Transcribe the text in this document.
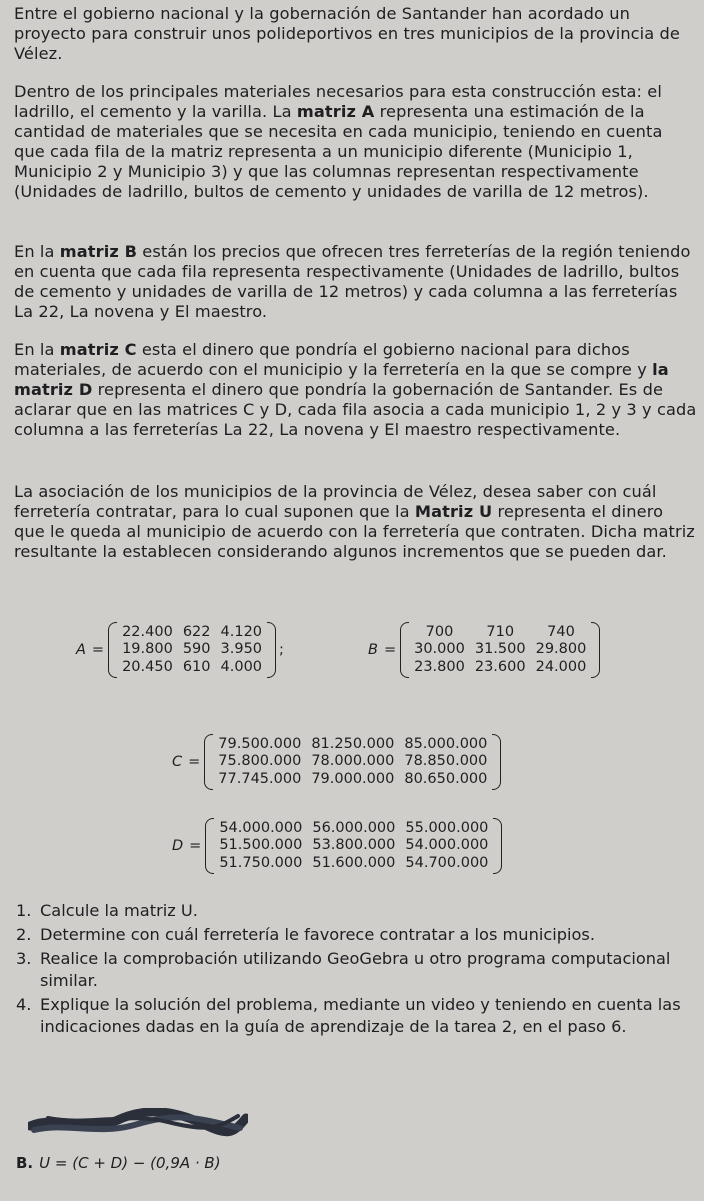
Entre el gobierno nacional y la gobernación de Santander han acordado un proyecto para construir unos polideportivos en tres municipios de la provincia de Vélez.
Dentro de los principales materiales necesarios para esta construcción esta: el ladrillo, el cemento y la varilla. La matriz A representa una estimación de la cantidad de materiales que se necesita en cada municipio, teniendo en cuenta que cada fila de la matriz representa a un municipio diferente (Municipio 1, Municipio 2 y Municipio 3) y que las columnas representan respectivamente (Unidades de ladrillo, bultos de cemento y unidades de varilla de 12 metros).
En la matriz B están los precios que ofrecen tres ferreterías de la región teniendo en cuenta que cada fila representa respectivamente (Unidades de ladrillo, bultos de cemento y unidades de varilla de 12 metros) y cada columna a las ferreterías La 22, La novena y El maestro.
En la matriz C esta el dinero que pondría el gobierno nacional para dichos materiales, de acuerdo con el municipio y la ferretería en la que se compre y la matriz D representa el dinero que pondría la gobernación de Santander. Es de aclarar que en las matrices C y D, cada fila asocia a cada municipio 1, 2 y 3 y cada columna a las ferreterías La 22, La novena y El maestro respectivamente.
La asociación de los municipios de la provincia de Vélez, desea saber con cuál ferretería contratar, para lo cual suponen que la Matriz U representa el dinero que le queda al municipio de acuerdo con la ferretería que contraten. Dicha matriz resultante la establecen considerando algunos incrementos que se pueden dar.
A =
22.400	622	4.120
19.800	590	3.950
20.450	610	4.000
;	B =
700	710	740
30.000	31.500	29.800
23.800	23.600	24.000
C =
79.500.000	81.250.000	85.000.000
75.800.000	78.000.000	78.850.000
77.745.000	79.000.000	80.650.000
D =
54.000.000	56.000.000	55.000.000
51.500.000	53.800.000	54.000.000
51.750.000	51.600.000	54.700.000
1. Calcule la matriz U.
2. Determine con cuál ferretería le favorece contratar a los municipios.
3. Realice la comprobación utilizando GeoGebra u otro programa computacional similar.
4. Explique la solución del problema, mediante un video y teniendo en cuenta las indicaciones dadas en la guía de aprendizaje de la tarea 2, en el paso 6.
B. U = (C + D) − (0,9A · B)
